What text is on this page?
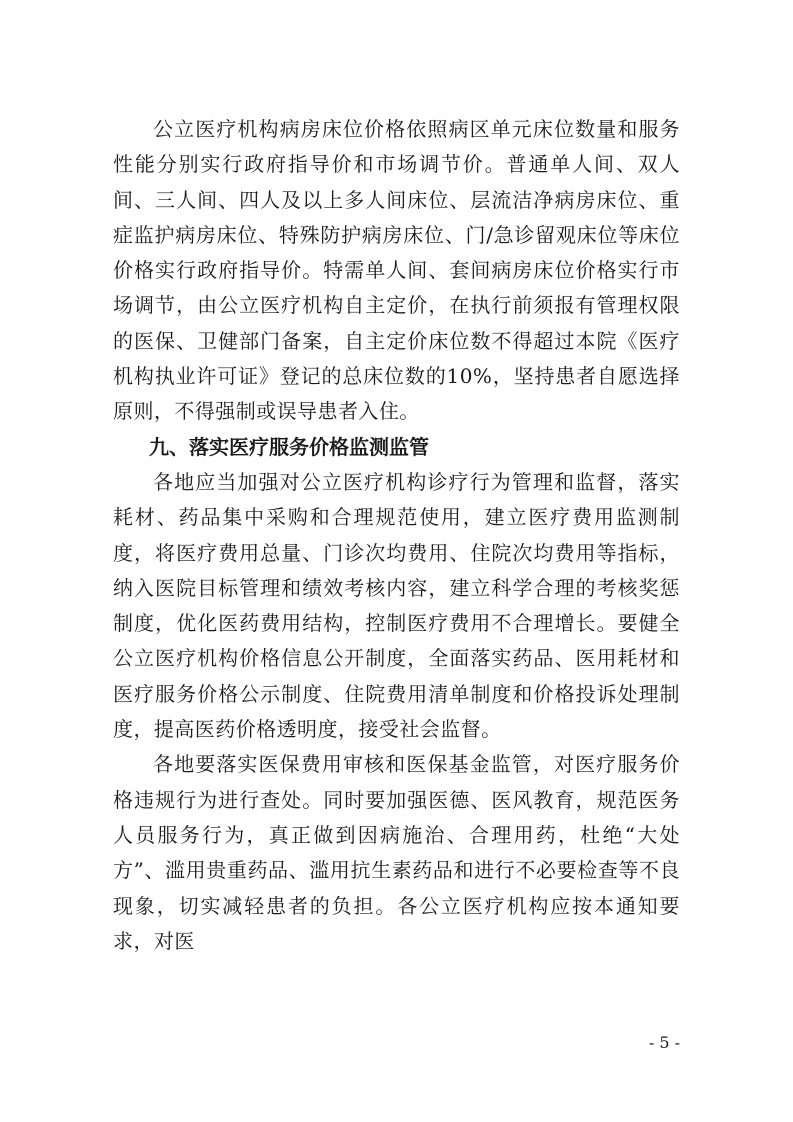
公立医疗机构病房床位价格依照病区单元床位数量和服务性能分别实行政府指导价和市场调节价。普通单人间、双人间、三人间、四人及以上多人间床位、层流洁净病房床位、重症监护病房床位、特殊防护病房床位、门/急诊留观床位等床位价格实行政府指导价。特需单人间、套间病房床位价格实行市场调节，由公立医疗机构自主定价，在执行前须报有管理权限的医保、卫健部门备案，自主定价床位数不得超过本院《医疗机构执业许可证》登记的总床位数的10%，坚持患者自愿选择原则，不得强制或误导患者入住。

九、落实医疗服务价格监测监管

各地应当加强对公立医疗机构诊疗行为管理和监督，落实耗材、药品集中采购和合理规范使用，建立医疗费用监测制度，将医疗费用总量、门诊次均费用、住院次均费用等指标，纳入医院目标管理和绩效考核内容，建立科学合理的考核奖惩制度，优化医药费用结构，控制医疗费用不合理增长。要健全公立医疗机构价格信息公开制度，全面落实药品、医用耗材和医疗服务价格公示制度、住院费用清单制度和价格投诉处理制度，提高医药价格透明度，接受社会监督。

各地要落实医保费用审核和医保基金监管，对医疗服务价格违规行为进行查处。同时要加强医德、医风教育，规范医务人员服务行为，真正做到因病施治、合理用药，杜绝“大处方”、滥用贵重药品、滥用抗生素药品和进行不必要检查等不良现象，切实减轻患者的负担。各公立医疗机构应按本通知要求，对医

- 5 -
